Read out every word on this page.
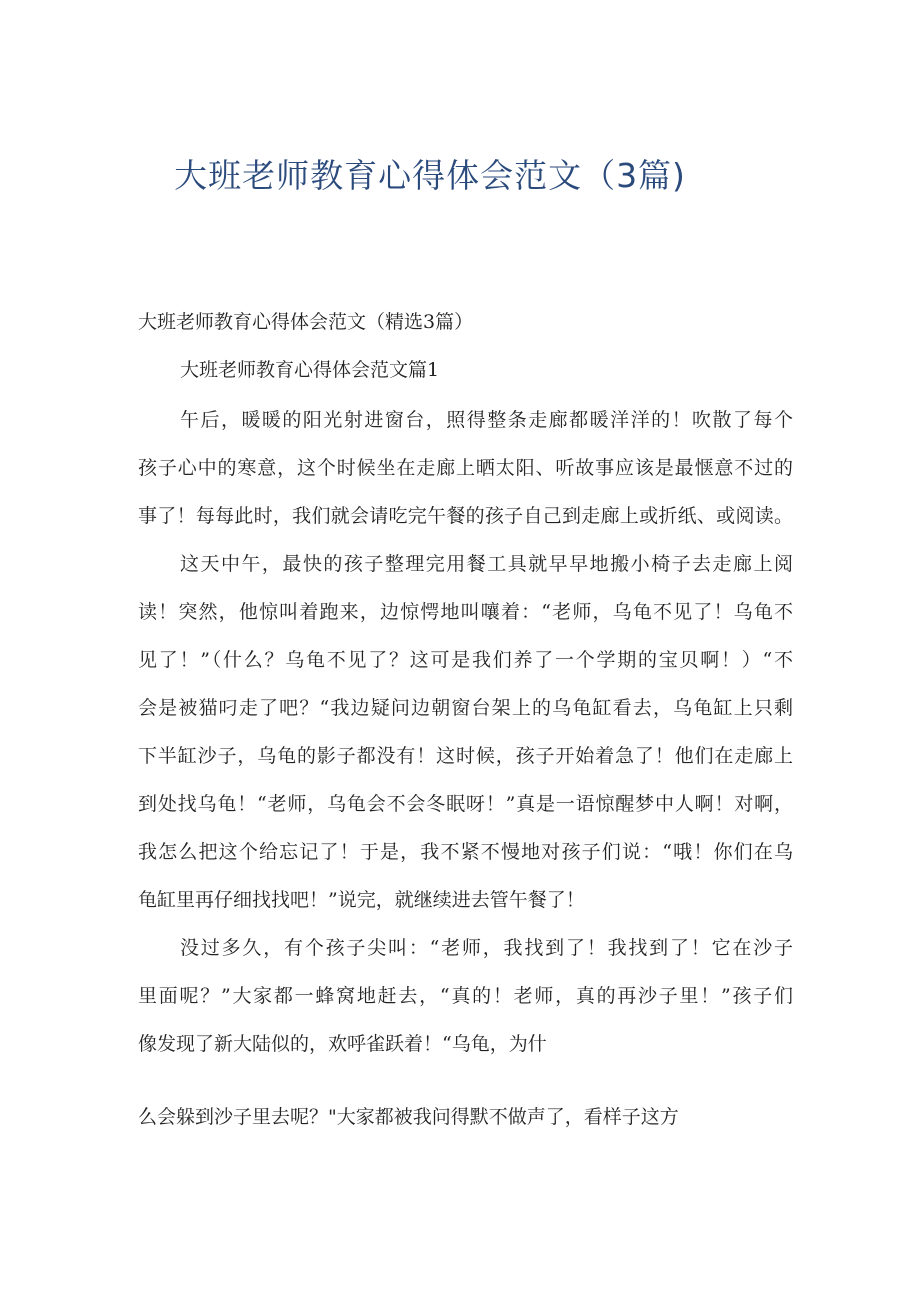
大班老师教育心得体会范文（3篇)
大班老师教育心得体会范文（精选3篇）
大班老师教育心得体会范文篇1
午后，暖暖的阳光射进窗台，照得整条走廊都暖洋洋的！吹散了每个
孩子心中的寒意，这个时候坐在走廊上晒太阳、听故事应该是最惬意不过的
事了！每每此时，我们就会请吃完午餐的孩子自己到走廊上或折纸、或阅读。
这天中午，最快的孩子整理完用餐工具就早早地搬小椅子去走廊上阅
读！突然，他惊叫着跑来，边惊愕地叫嚷着：“老师，乌龟不见了！乌龟不
见了！”（什么？乌龟不见了？这可是我们养了一个学期的宝贝啊！）“不
会是被猫叼走了吧？“我边疑问边朝窗台架上的乌龟缸看去，乌龟缸上只剩
下半缸沙子，乌龟的影子都没有！这时候，孩子开始着急了！他们在走廊上
到处找乌龟！“老师，乌龟会不会冬眠呀！”真是一语惊醒梦中人啊！对啊，
我怎么把这个给忘记了！于是，我不紧不慢地对孩子们说：“哦！你们在乌
龟缸里再仔细找找吧！”说完，就继续进去管午餐了！
没过多久，有个孩子尖叫：“老师，我找到了！我找到了！它在沙子
里面呢？”大家都一蜂窝地赶去，“真的！老师，真的再沙子里！”孩子们
像发现了新大陆似的，欢呼雀跃着！“乌龟，为什
么会躲到沙子里去呢？"大家都被我问得默不做声了，看样子这方
